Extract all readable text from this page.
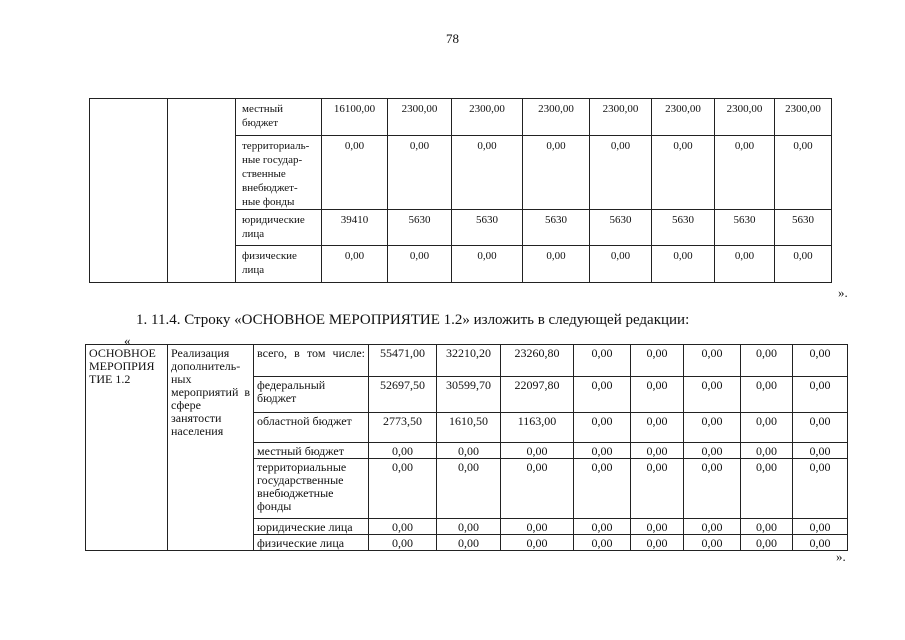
78
		местный бюджет	16100,00	2300,00	2300,00	2300,00	2300,00	2300,00	2300,00	2300,00
		территориаль- ные государ- ственные внебюджет- ные фонды	0,00	0,00	0,00	0,00	0,00	0,00	0,00	0,00
		юридические лица	39410	5630	5630	5630	5630	5630	5630	5630
		физические лица	0,00	0,00	0,00	0,00	0,00	0,00	0,00	0,00
».
1. 11.4. Строку «ОСНОВНОЕ МЕРОПРИЯТИЕ 1.2» изложить в следующей редакции:
«
ОСНОВНОЕ МЕРОПРИЯ ТИЕ 1.2	Реализация дополнитель- ных мероприятий в сфере занятости населения	всего, в том числе:	55471,00	32210,20	23260,80	0,00	0,00	0,00	0,00	0,00
		федеральный бюджет	52697,50	30599,70	22097,80	0,00	0,00	0,00	0,00	0,00
		областной бюджет	2773,50	1610,50	1163,00	0,00	0,00	0,00	0,00	0,00
		местный бюджет	0,00	0,00	0,00	0,00	0,00	0,00	0,00	0,00
		территориальные государственные внебюджетные фонды	0,00	0,00	0,00	0,00	0,00	0,00	0,00	0,00
		юридические лица	0,00	0,00	0,00	0,00	0,00	0,00	0,00	0,00
		физические лица	0,00	0,00	0,00	0,00	0,00	0,00	0,00	0,00
».
